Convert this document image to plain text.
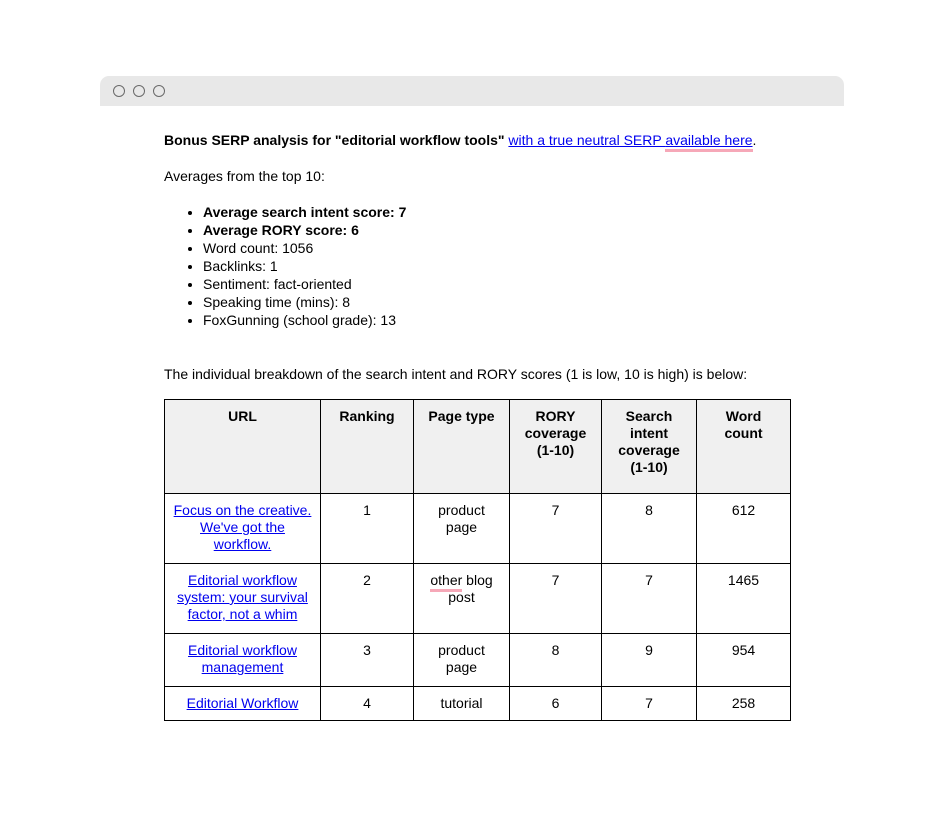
Bonus SERP analysis for "editorial workflow tools" with a true neutral SERP available here.

Averages from the top 10:

• Average search intent score: 7
• Average RORY score: 6
• Word count: 1056
• Backlinks: 1
• Sentiment: fact-oriented
• Speaking time (mins): 8
• FoxGunning (school grade): 13

The individual breakdown of the search intent and RORY scores (1 is low, 10 is high) is below:

URL	Ranking	Page type	RORY coverage (1-10)	Search intent coverage (1-10)	Word count
Focus on the creative. We've got the workflow.	1	product page	7	8	612
Editorial workflow system: your survival factor, not a whim	2	other blog post	7	7	1465
Editorial workflow management	3	product page	8	9	954
Editorial Workflow	4	tutorial	6	7	258
